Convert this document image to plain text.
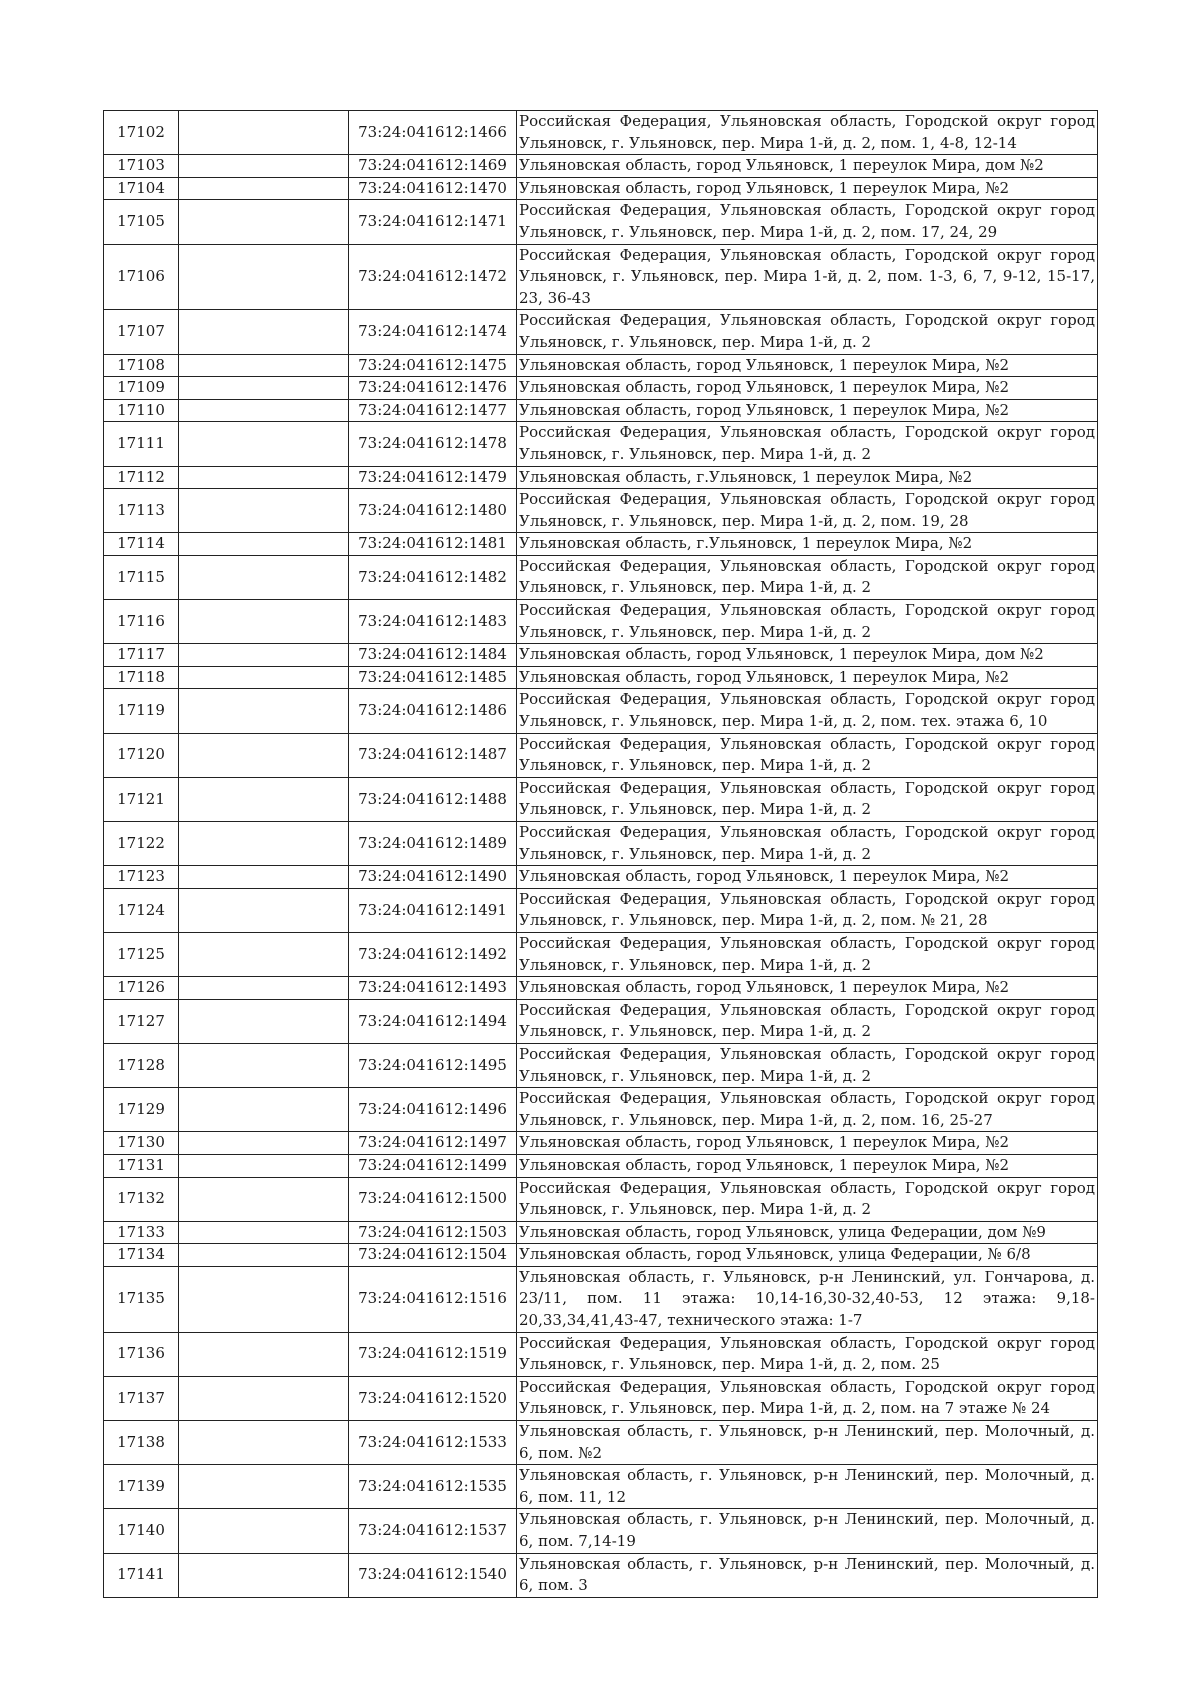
17102		73:24:041612:1466	Российская Федерация, Ульяновская область, Городской округ город Ульяновск, г. Ульяновск, пер. Мира 1-й, д. 2, пом. 1, 4-8, 12-14
17103		73:24:041612:1469	Ульяновская область, город Ульяновск, 1 переулок Мира, дом №2
17104		73:24:041612:1470	Ульяновская область, город Ульяновск, 1 переулок Мира, №2
17105		73:24:041612:1471	Российская Федерация, Ульяновская область, Городской округ город Ульяновск, г. Ульяновск, пер. Мира 1-й, д. 2, пом. 17, 24, 29
17106		73:24:041612:1472	Российская Федерация, Ульяновская область, Городской округ город Ульяновск, г. Ульяновск, пер. Мира 1-й, д. 2, пом. 1-3, 6, 7, 9-12, 15-17, 23, 36-43
17107		73:24:041612:1474	Российская Федерация, Ульяновская область, Городской округ город Ульяновск, г. Ульяновск, пер. Мира 1-й, д. 2
17108		73:24:041612:1475	Ульяновская область, город Ульяновск, 1 переулок Мира, №2
17109		73:24:041612:1476	Ульяновская область, город Ульяновск, 1 переулок Мира, №2
17110		73:24:041612:1477	Ульяновская область, город Ульяновск, 1 переулок Мира, №2
17111		73:24:041612:1478	Российская Федерация, Ульяновская область, Городской округ город Ульяновск, г. Ульяновск, пер. Мира 1-й, д. 2
17112		73:24:041612:1479	Ульяновская область, г.Ульяновск, 1 переулок Мира, №2
17113		73:24:041612:1480	Российская Федерация, Ульяновская область, Городской округ город Ульяновск, г. Ульяновск, пер. Мира 1-й, д. 2, пом. 19, 28
17114		73:24:041612:1481	Ульяновская область, г.Ульяновск, 1 переулок Мира, №2
17115		73:24:041612:1482	Российская Федерация, Ульяновская область, Городской округ город Ульяновск, г. Ульяновск, пер. Мира 1-й, д. 2
17116		73:24:041612:1483	Российская Федерация, Ульяновская область, Городской округ город Ульяновск, г. Ульяновск, пер. Мира 1-й, д. 2
17117		73:24:041612:1484	Ульяновская область, город Ульяновск, 1 переулок Мира, дом №2
17118		73:24:041612:1485	Ульяновская область, город Ульяновск, 1 переулок Мира, №2
17119		73:24:041612:1486	Российская Федерация, Ульяновская область, Городской округ город Ульяновск, г. Ульяновск, пер. Мира 1-й, д. 2, пом. тех. этажа 6, 10
17120		73:24:041612:1487	Российская Федерация, Ульяновская область, Городской округ город Ульяновск, г. Ульяновск, пер. Мира 1-й, д. 2
17121		73:24:041612:1488	Российская Федерация, Ульяновская область, Городской округ город Ульяновск, г. Ульяновск, пер. Мира 1-й, д. 2
17122		73:24:041612:1489	Российская Федерация, Ульяновская область, Городской округ город Ульяновск, г. Ульяновск, пер. Мира 1-й, д. 2
17123		73:24:041612:1490	Ульяновская область, город Ульяновск, 1 переулок Мира, №2
17124		73:24:041612:1491	Российская Федерация, Ульяновская область, Городской округ город Ульяновск, г. Ульяновск, пер. Мира 1-й, д. 2, пом. № 21, 28
17125		73:24:041612:1492	Российская Федерация, Ульяновская область, Городской округ город Ульяновск, г. Ульяновск, пер. Мира 1-й, д. 2
17126		73:24:041612:1493	Ульяновская область, город Ульяновск, 1 переулок Мира, №2
17127		73:24:041612:1494	Российская Федерация, Ульяновская область, Городской округ город Ульяновск, г. Ульяновск, пер. Мира 1-й, д. 2
17128		73:24:041612:1495	Российская Федерация, Ульяновская область, Городской округ город Ульяновск, г. Ульяновск, пер. Мира 1-й, д. 2
17129		73:24:041612:1496	Российская Федерация, Ульяновская область, Городской округ город Ульяновск, г. Ульяновск, пер. Мира 1-й, д. 2, пом. 16, 25-27
17130		73:24:041612:1497	Ульяновская область, город Ульяновск, 1 переулок Мира, №2
17131		73:24:041612:1499	Ульяновская область, город Ульяновск, 1 переулок Мира, №2
17132		73:24:041612:1500	Российская Федерация, Ульяновская область, Городской округ город Ульяновск, г. Ульяновск, пер. Мира 1-й, д. 2
17133		73:24:041612:1503	Ульяновская область, город Ульяновск, улица Федерации, дом №9
17134		73:24:041612:1504	Ульяновская область, город Ульяновск, улица Федерации, № 6/8
17135		73:24:041612:1516	Ульяновская область, г. Ульяновск, р-н Ленинский, ул. Гончарова, д. 23/11, пом. 11 этажа: 10,14-16,30-32,40-53, 12 этажа: 9,18-20,33,34,41,43-47, технического этажа: 1-7
17136		73:24:041612:1519	Российская Федерация, Ульяновская область, Городской округ город Ульяновск, г. Ульяновск, пер. Мира 1-й, д. 2, пом. 25
17137		73:24:041612:1520	Российская Федерация, Ульяновская область, Городской округ город Ульяновск, г. Ульяновск, пер. Мира 1-й, д. 2, пом. на 7 этаже № 24
17138		73:24:041612:1533	Ульяновская область, г. Ульяновск, р-н Ленинский, пер. Молочный, д. 6, пом. №2
17139		73:24:041612:1535	Ульяновская область, г. Ульяновск, р-н Ленинский, пер. Молочный, д. 6, пом. 11, 12
17140		73:24:041612:1537	Ульяновская область, г. Ульяновск, р-н Ленинский, пер. Молочный, д. 6, пом. 7,14-19
17141		73:24:041612:1540	Ульяновская область, г. Ульяновск, р-н Ленинский, пер. Молочный, д. 6, пом. 3
